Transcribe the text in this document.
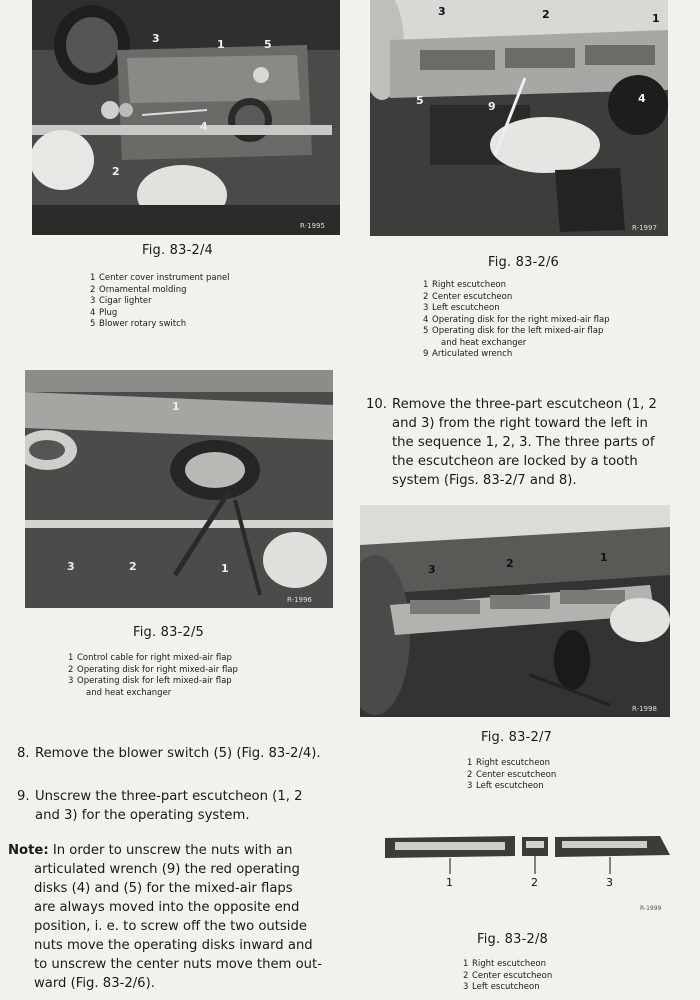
3	1	5
4
2
R-1995
Fig. 83-2/4
1 Center cover instrument panel
2 Ornamental molding
3 Cigar lighter
4 Plug
5 Blower rotary switch
3	2	1
5	9
4
R-1997
Fig. 83-2/6
1 Right escutcheon
2 Center escutcheon
3 Left escutcheon
4 Operating disk for the right mixed-air flap
5 Operating disk for the left mixed-air flap
and heat exchanger
9 Articulated wrench
1
3	2	1
R-1996
Fig. 83-2/5
1 Control cable for right mixed-air flap
2 Operating disk for right mixed-air flap
3 Operating disk for left mixed-air flap
and heat exchanger
10. Remove the three-part escutcheon (1, 2
and 3) from the right toward the left in
the sequence 1, 2, 3. The three parts of
the escutcheon are locked by a tooth
system (Figs. 83-2/7 and 8).
3	2	1
R-1998
Fig. 83-2/7
1 Right escutcheon
2 Center escutcheon
3 Left escutcheon
8. Remove the blower switch (5) (Fig. 83-2/4).
9. Unscrew the three-part escutcheon (1, 2
and 3) for the operating system.
Note: In order to unscrew the nuts with an
articulated wrench (9) the red operating
disks (4) and (5) for the mixed-air flaps
are always moved into the opposite end
position, i. e. to screw off the two outside
nuts move the operating disks inward and
to unscrew the center nuts move them out-
ward (Fig. 83-2/6).
1	2	3
R-1999
Fig. 83-2/8
1 Right escutcheon
2 Center escutcheon
3 Left escutcheon
